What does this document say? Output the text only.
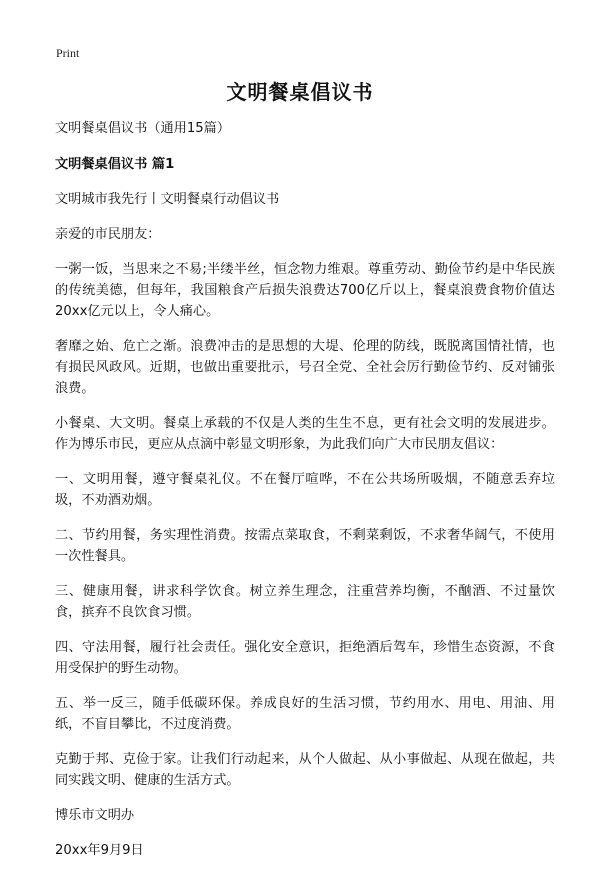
Print
文明餐桌倡议书

文明餐桌倡议书（通用15篇）

文明餐桌倡议书 篇1

文明城市我先行丨文明餐桌行动倡议书

亲爱的市民朋友：

一粥一饭，当思来之不易;半缕半丝，恒念物力维艰。尊重劳动、勤俭节约是中华民族的传统美德，但每年，我国粮食产后损失浪费达700亿斤以上，餐桌浪费食物价值达20xx亿元以上，令人痛心。

奢靡之始、危亡之渐。浪费冲击的是思想的大堤、伦理的防线，既脱离国情社情，也有损民风政风。近期，也做出重要批示，号召全党、全社会厉行勤俭节约、反对铺张浪费。

小餐桌、大文明。餐桌上承载的不仅是人类的生生不息，更有社会文明的发展进步。作为博乐市民，更应从点滴中彰显文明形象，为此我们向广大市民朋友倡议：

一、文明用餐，遵守餐桌礼仪。不在餐厅喧哗，不在公共场所吸烟，不随意丢弃垃圾，不劝酒劝烟。

二、节约用餐，务实理性消费。按需点菜取食，不剩菜剩饭，不求奢华阔气，不使用一次性餐具。

三、健康用餐，讲求科学饮食。树立养生理念，注重营养均衡，不酗酒、不过量饮食，摈弃不良饮食习惯。

四、守法用餐，履行社会责任。强化安全意识，拒绝酒后驾车，珍惜生态资源，不食用受保护的野生动物。

五、举一反三，随手低碳环保。养成良好的生活习惯，节约用水、用电、用油、用纸，不盲目攀比，不过度消费。

克勤于邦、克俭于家。让我们行动起来，从个人做起、从小事做起、从现在做起，共同实践文明、健康的生活方式。

博乐市文明办

20xx年9月9日
